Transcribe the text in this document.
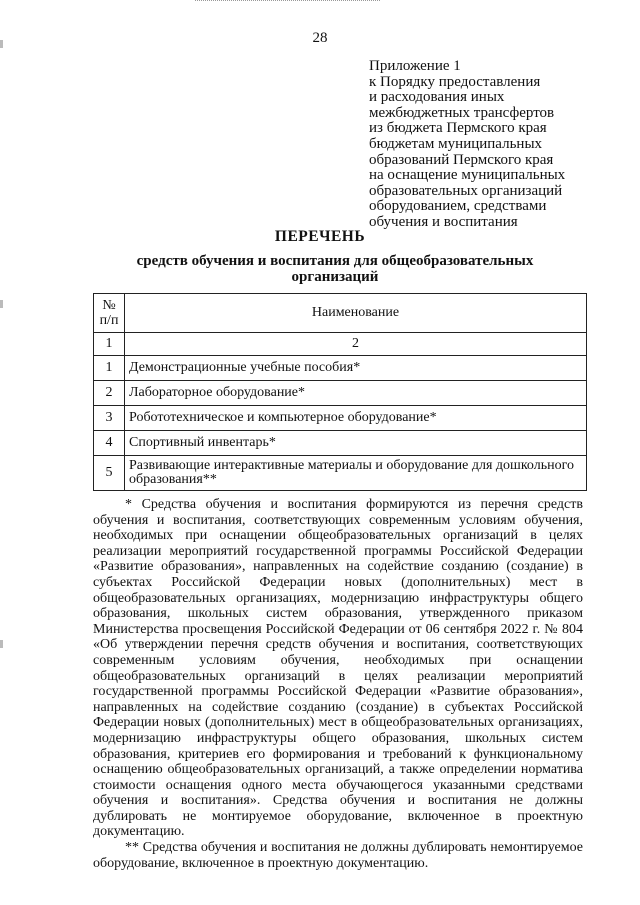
28
Приложение 1
к Порядку предоставления
и расходования иных
межбюджетных трансфертов
из бюджета Пермского края
бюджетам муниципальных
образований Пермского края
на оснащение муниципальных
образовательных организаций
оборудованием, средствами
обучения и воспитания
ПЕРЕЧЕНЬ
средств обучения и воспитания для общеобразовательных организаций
№
п/п	Наименование
1	2
1	Демонстрационные учебные пособия*
2	Лабораторное оборудование*
3	Робототехническое и компьютерное оборудование*
4	Спортивный инвентарь*
5	Развивающие интерактивные материалы и оборудование для дошкольного образования**

* Средства обучения и воспитания формируются из перечня средств обучения и воспитания, соответствующих современным условиям обучения, необходимых при оснащении общеобразовательных организаций в целях реализации мероприятий государственной программы Российской Федерации «Развитие образования», направленных на содействие созданию (создание) в субъектах Российской Федерации новых (дополнительных) мест в общеобразовательных организациях, модернизацию инфраструктуры общего образования, школьных систем образования, утвержденного приказом Министерства просвещения Российской Федерации от 06 сентября 2022 г. № 804 «Об утверждении перечня средств обучения и воспитания, соответствующих современным условиям обучения, необходимых при оснащении общеобразовательных организаций в целях реализации мероприятий государственной программы Российской Федерации «Развитие образования», направленных на содействие созданию (создание) в субъектах Российской Федерации новых (дополнительных) мест в общеобразовательных организациях, модернизацию инфраструктуры общего образования, школьных систем образования, критериев его формирования и требований к функциональному оснащению общеобразовательных организаций, а также определении норматива стоимости оснащения одного места обучающегося указанными средствами обучения и воспитания». Средства обучения и воспитания не должны дублировать не монтируемое оборудование, включенное в проектную документацию.

** Средства обучения и воспитания не должны дублировать немонтируемое оборудование, включенное в проектную документацию.
